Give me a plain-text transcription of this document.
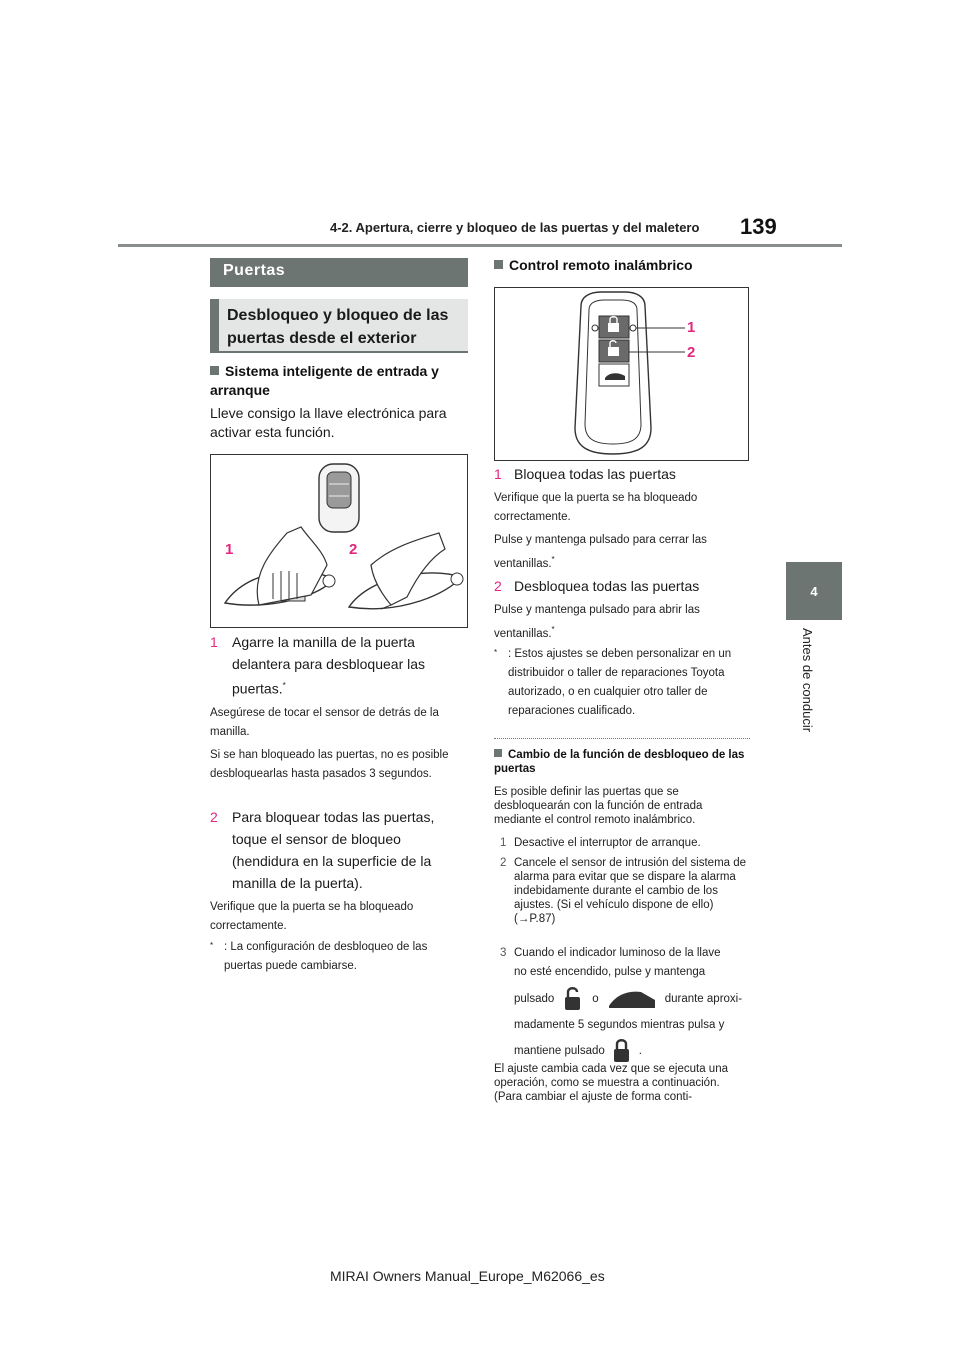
4-2. Apertura, cierre y bloqueo de las puertas y del maletero 139
4
Antes de conducir
Puertas
Desbloqueo y bloqueo de las puertas desde el exterior
Sistema inteligente de entrada y arranque
Lleve consigo la llave electrónica para activar esta función.
1	2
1 Agarre la manilla de la puerta delantera para desbloquear las puertas.*
Asegúrese de tocar el sensor de detrás de la manilla.
Si se han bloqueado las puertas, no es posible desbloquearlas hasta pasados 3 segundos.
2 Para bloquear todas las puertas, toque el sensor de bloqueo (hendidura en la superficie de la manilla de la puerta).
Verifique que la puerta se ha bloqueado correctamente.
* : La configuración de desbloqueo de las puertas puede cambiarse.
Control remoto inalámbrico
1
2
1 Bloquea todas las puertas
Verifique que la puerta se ha bloqueado correctamente.
Pulse y mantenga pulsado para cerrar las ventanillas.*
2 Desbloquea todas las puertas
Pulse y mantenga pulsado para abrir las ventanillas.*
* : Estos ajustes se deben personalizar en un distribuidor o taller de reparaciones Toyota autorizado, o en cualquier otro taller de reparaciones cualificado.
Cambio de la función de desbloqueo de las puertas
Es posible definir las puertas que se desbloquearán con la función de entrada mediante el control remoto inalámbrico.
1 Desactive el interruptor de arranque.
2 Cancele el sensor de intrusión del sistema de alarma para evitar que se dispare la alarma indebidamente durante el cambio de los ajustes. (Si el vehículo dispone de ello) (→P.87)
3 Cuando el indicador luminoso de la llave
no esté encendido, pulse y mantenga
pulsado	o	durante aproxi-
madamente 5 segundos mientras pulsa y
mantiene pulsado	.
El ajuste cambia cada vez que se ejecuta una operación, como se muestra a continuación. (Para cambiar el ajuste de forma conti-
MIRAI Owners Manual_Europe_M62066_es
